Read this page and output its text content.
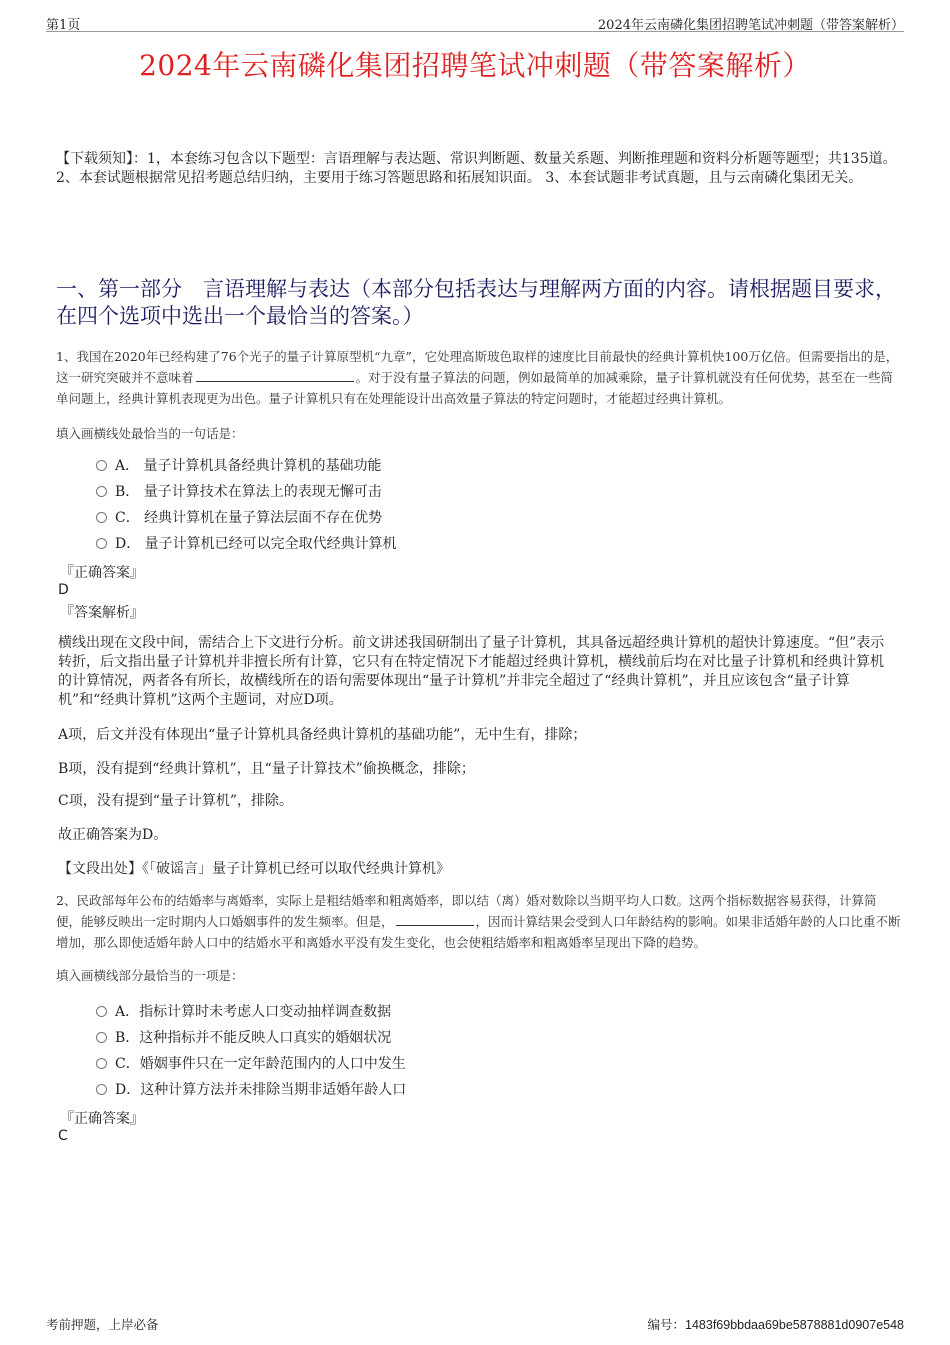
第1页	2024年云南磷化集团招聘笔试冲刺题（带答案解析）
2024年云南磷化集团招聘笔试冲刺题（带答案解析）
【下载须知】：1，本套练习包含以下题型：言语理解与表达题、常识判断题、数量关系题、判断推理题和资料分析题等题型；共135道。 2、本套试题根据常见招考题总结归纳，主要用于练习答题思路和拓展知识面。 3、本套试题非考试真题，且与云南磷化集团无关。
一、第一部分　言语理解与表达（本部分包括表达与理解两方面的内容。请根据题目要求，在四个选项中选出一个最恰当的答案。）
1、我国在2020年已经构建了76个光子的量子计算原型机“九章”，它处理高斯玻色取样的速度比目前最快的经典计算机快100万亿倍。但需要指出的是，这一研究突破并不意味着	。对于没有量子算法的问题，例如最简单的加减乘除，量子计算机就没有任何优势，甚至在一些简单问题上，经典计算机表现更为出色。量子计算机只有在处理能设计出高效量子算法的特定问题时，才能超过经典计算机。
填入画横线处最恰当的一句话是：
A． 量子计算机具备经典计算机的基础功能
B． 量子计算技术在算法上的表现无懈可击
C． 经典计算机在量子算法层面不存在优势
D． 量子计算机已经可以完全取代经典计算机
『正确答案』
D
『答案解析』
横线出现在文段中间，需结合上下文进行分析。前文讲述我国研制出了量子计算机，其具备远超经典计算机的超快计算速度。“但”表示转折，后文指出量子计算机并非擅长所有计算，它只有在特定情况下才能超过经典计算机，横线前后均在对比量子计算机和经典计算机的计算情况，两者各有所长，故横线所在的语句需要体现出“量子计算机”并非完全超过了“经典计算机”，并且应该包含“量子计算机”和“经典计算机”这两个主题词，对应D项。
A项，后文并没有体现出“量子计算机具备经典计算机的基础功能”，无中生有，排除；
B项，没有提到“经典计算机”，且“量子计算技术”偷换概念，排除；
C项，没有提到“量子计算机”，排除。
故正确答案为D。
【文段出处】《「破谣言」量子计算机已经可以取代经典计算机》
2、民政部每年公布的结婚率与离婚率，实际上是粗结婚率和粗离婚率，即以结（离）婚对数除以当期平均人口数。这两个指标数据容易获得，计算简便，能够反映出一定时期内人口婚姻事件的发生频率。但是，	，因而计算结果会受到人口年龄结构的影响。如果非适婚年龄的人口比重不断增加，那么即使适婚年龄人口中的结婚水平和离婚水平没有发生变化，也会使粗结婚率和粗离婚率呈现出下降的趋势。
填入画横线部分最恰当的一项是：
A．指标计算时未考虑人口变动抽样调查数据
B．这种指标并不能反映人口真实的婚姻状况
C．婚姻事件只在一定年龄范围内的人口中发生
D．这种计算方法并未排除当期非适婚年龄人口
『正确答案』
C
考前押题，上岸必备	编号：1483f69bbdaa69be5878881d0907e548
